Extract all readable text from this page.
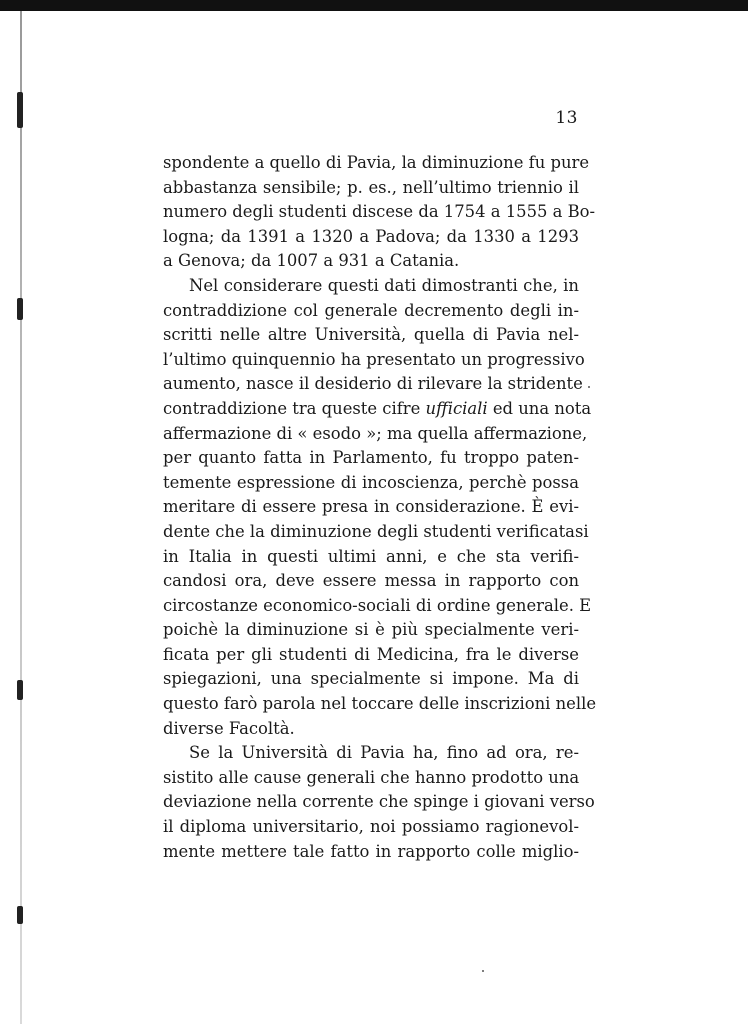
13
spondente a quello di Pavia, la diminuzione fu pure
abbastanza sensibile; p. es., nell’ultimo triennio il
numero degli studenti discese da 1754 a 1555 a Bo-
logna; da 1391 a 1320 a Padova; da 1330 a 1293
a Genova; da 1007 a 931 a Catania.
Nel considerare questi dati dimostranti che, in
contraddizione col generale decremento degli in-
scritti nelle altre Università, quella di Pavia nel-
l’ultimo quinquennio ha presentato un progressivo
aumento, nasce il desiderio di rilevare la stridente
contraddizione tra queste cifre ufficiali ed una nota
affermazione di « esodo »; ma quella affermazione,
per quanto fatta in Parlamento, fu troppo paten-
temente espressione di incoscienza, perchè possa
meritare di essere presa in considerazione. È evi-
dente che la diminuzione degli studenti verificatasi
in Italia in questi ultimi anni, e che sta verifi-
candosi ora, deve essere messa in rapporto con
circostanze economico-sociali di ordine generale. E
poichè la diminuzione si è più specialmente veri-
ficata per gli studenti di Medicina, fra le diverse
spiegazioni, una specialmente si impone. Ma di
questo farò parola nel toccare delle inscrizioni nelle
diverse Facoltà.
Se la Università di Pavia ha, fino ad ora, re-
sistito alle cause generali che hanno prodotto una
deviazione nella corrente che spinge i giovani verso
il diploma universitario, noi possiamo ragionevol-
mente mettere tale fatto in rapporto colle miglio-
